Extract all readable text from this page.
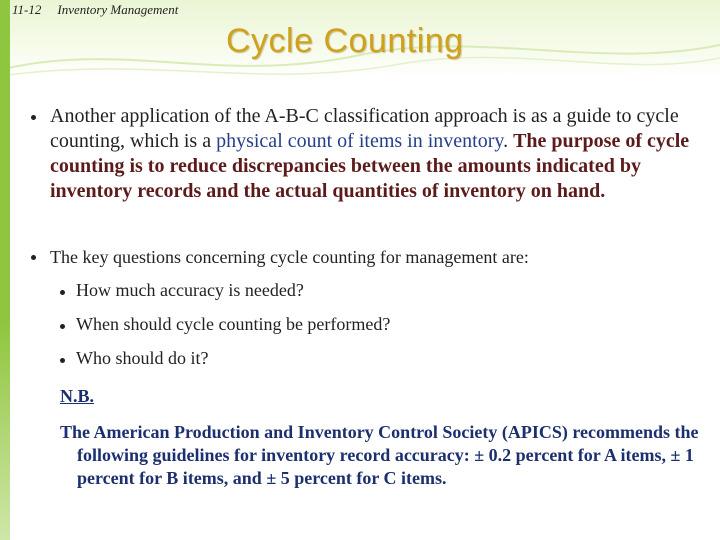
11-12 Inventory Management
Cycle Counting
Another application of the A-B-C classification approach is as a guide to cycle counting, which is a physical count of items in inventory. The purpose of cycle counting is to reduce discrepancies between the amounts indicated by inventory records and the actual quantities of inventory on hand.
The key questions concerning cycle counting for management are:
How much accuracy is needed?
When should cycle counting be performed?
Who should do it?
N.B.
The American Production and Inventory Control Society (APICS) recommends the following guidelines for inventory record accuracy: ± 0.2 percent for A items, ± 1 percent for B items, and ± 5 percent for C items.
